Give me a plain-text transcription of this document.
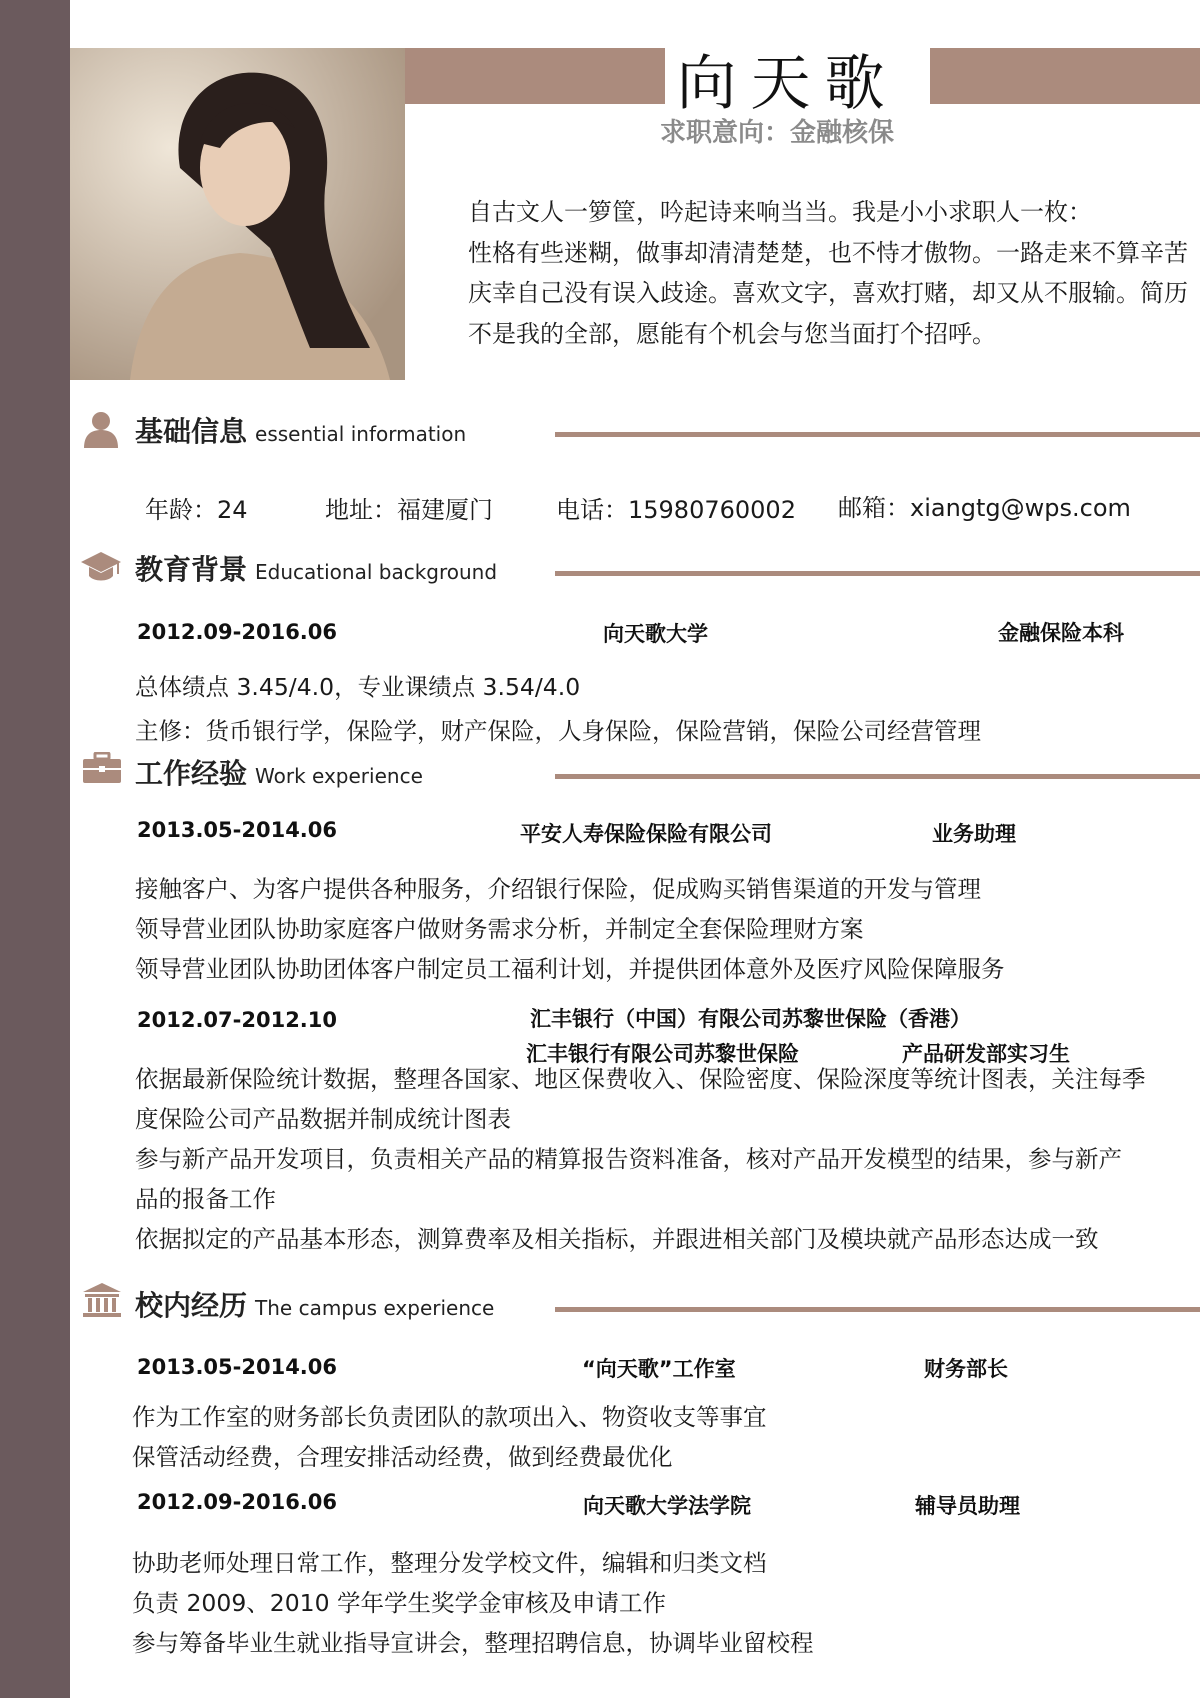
向天歌
求职意向：金融核保

自古文人一箩筐，吟起诗来响当当。我是小小求职人一枚：

性格有些迷糊，做事却清清楚楚，也不恃才傲物。一路走来不算辛苦

庆幸自己没有误入歧途。喜欢文字，喜欢打赌，却又从不服输。简历

不是我的全部，愿能有个机会与您当面打个招呼。

基础信息 essential information
年龄：24	地址：福建厦门	电话：15980760002 邮箱：xiangtg@wps.com
教育背景 Educational background
2012.09-2016.06	向天歌大学	金融保险本科
总体绩点 3.45/4.0，专业课绩点 3.54/4.0
主修：货币银行学，保险学，财产保险，人身保险，保险营销，保险公司经营管理
工作经验 Work experience
2013.05-2014.06	平安人寿保险保险有限公司	业务助理
接触客户、为客户提供各种服务，介绍银行保险，促成购买销售渠道的开发与管理
领导营业团队协助家庭客户做财务需求分析，并制定全套保险理财方案
领导营业团队协助团体客户制定员工福利计划，并提供团体意外及医疗风险保障服务
2012.07-2012.10	汇丰银行（中国）有限公司苏黎世保险（香港）
汇丰银行有限公司苏黎世保险	产品研发部实习生
依据最新保险统计数据，整理各国家、地区保费收入、保险密度、保险深度等统计图表，关注每季
度保险公司产品数据并制成统计图表
参与新产品开发项目，负责相关产品的精算报告资料准备，核对产品开发模型的结果，参与新产
品的报备工作
依据拟定的产品基本形态，测算费率及相关指标，并跟进相关部门及模块就产品形态达成一致
校内经历 The campus experience
2013.05-2014.06	“向天歌”工作室	财务部长
作为工作室的财务部长负责团队的款项出入、物资收支等事宜
保管活动经费，合理安排活动经费，做到经费最优化
2012.09-2016.06	向天歌大学法学院	辅导员助理
协助老师处理日常工作，整理分发学校文件，编辑和归类文档
负责 2009、2010 学年学生奖学金审核及申请工作
参与筹备毕业生就业指导宣讲会，整理招聘信息，协调毕业留校程
